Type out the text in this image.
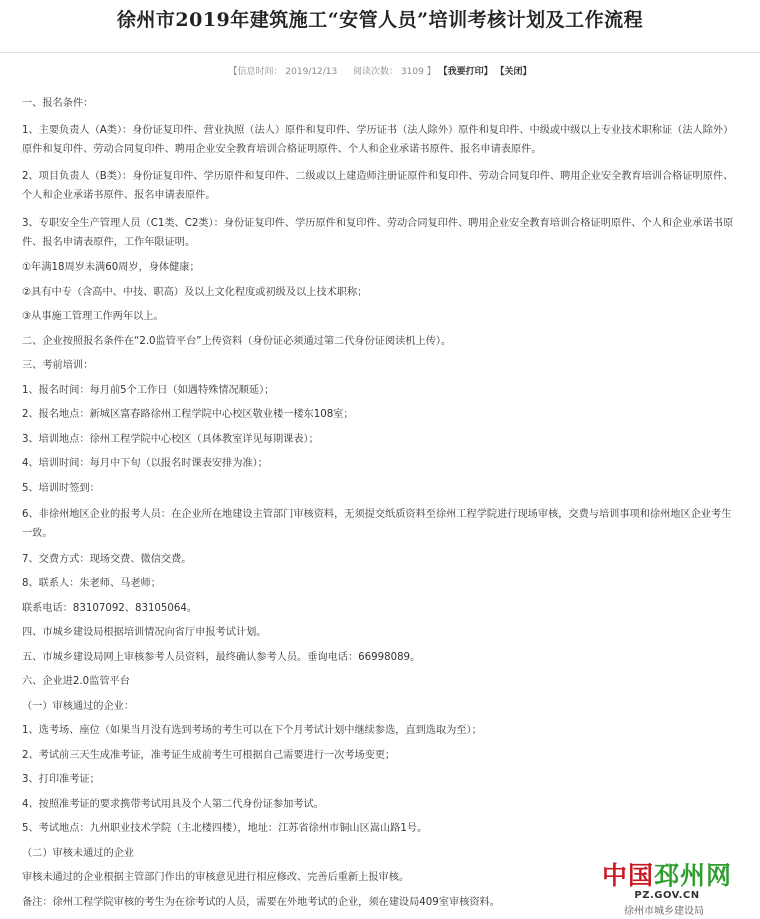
徐州市2019年建筑施工“安管人员”培训考核计划及工作流程
【信息时间： 2019/12/13 阅读次数： 3109 】 【我要打印】 【关闭】
一、报名条件：
1、主要负责人（A类）：身份证复印件、营业执照（法人）原件和复印件、学历证书（法人除外）原件和复印件、中级或中级以上专业技术职称证（法人除外）原件和复印件、劳动合同复印件、聘用企业安全教育培训合格证明原件、个人和企业承诺书原件、报名申请表原件。
2、项目负责人（B类）：身份证复印件、学历原件和复印件、二级或以上建造师注册证原件和复印件、劳动合同复印件、聘用企业安全教育培训合格证明原件、个人和企业承诺书原件、报名申请表原件。
3、专职安全生产管理人员（C1类、C2类）：身份证复印件、学历原件和复印件、劳动合同复印件、聘用企业安全教育培训合格证明原件、个人和企业承诺书原件、报名申请表原件，工作年限证明。
①年满18周岁未满60周岁，身体健康；
②具有中专（含高中、中技、职高）及以上文化程度或初级及以上技术职称；
③从事施工管理工作两年以上。
二、企业按照报名条件在“2.0监管平台”上传资料（身份证必须通过第二代身份证阅读机上传）。
三、考前培训：
1、报名时间：每月前5个工作日（如遇特殊情况顺延）；
2、报名地点：新城区富春路徐州工程学院中心校区敬业楼一楼东108室；
3、培训地点：徐州工程学院中心校区（具体教室详见每期课表）；
4、培训时间：每月中下旬（以报名时课表安排为准）；
5、培训时签到：
6、非徐州地区企业的报考人员：在企业所在地建设主管部门审核资料，无须提交纸质资料至徐州工程学院进行现场审核，交费与培训事项和徐州地区企业考生一致。
7、交费方式：现场交费、微信交费。
8、联系人：朱老师、马老师；
联系电话：83107092、83105064。
四、市城乡建设局根据培训情况向省厅申报考试计划。
五、市城乡建设局网上审核参考人员资料，最终确认参考人员。垂询电话：66998089。
六、企业进2.0监管平台
（一）审核通过的企业：
1、选考场、座位（如果当月没有选到考场的考生可以在下个月考试计划中继续参选，直到选取为至）；
2、考试前三天生成准考证，准考证生成前考生可根据自己需要进行一次考场变更；
3、打印准考证；
4、按照准考证的要求携带考试用具及个人第二代身份证参加考试。
5、考试地点：九州职业技术学院（主北楼四楼），地址：江苏省徐州市铜山区嵩山路1号。
（二）审核未通过的企业
审核未通过的企业根据主管部门作出的审核意见进行相应修改、完善后重新上报审核。
备注：徐州工程学院审核的考生为在徐考试的人员，需要在外地考试的企业，须在建设局409室审核资料。
中国邳州网
PZ.GOV.CN
徐州市城乡建设局
